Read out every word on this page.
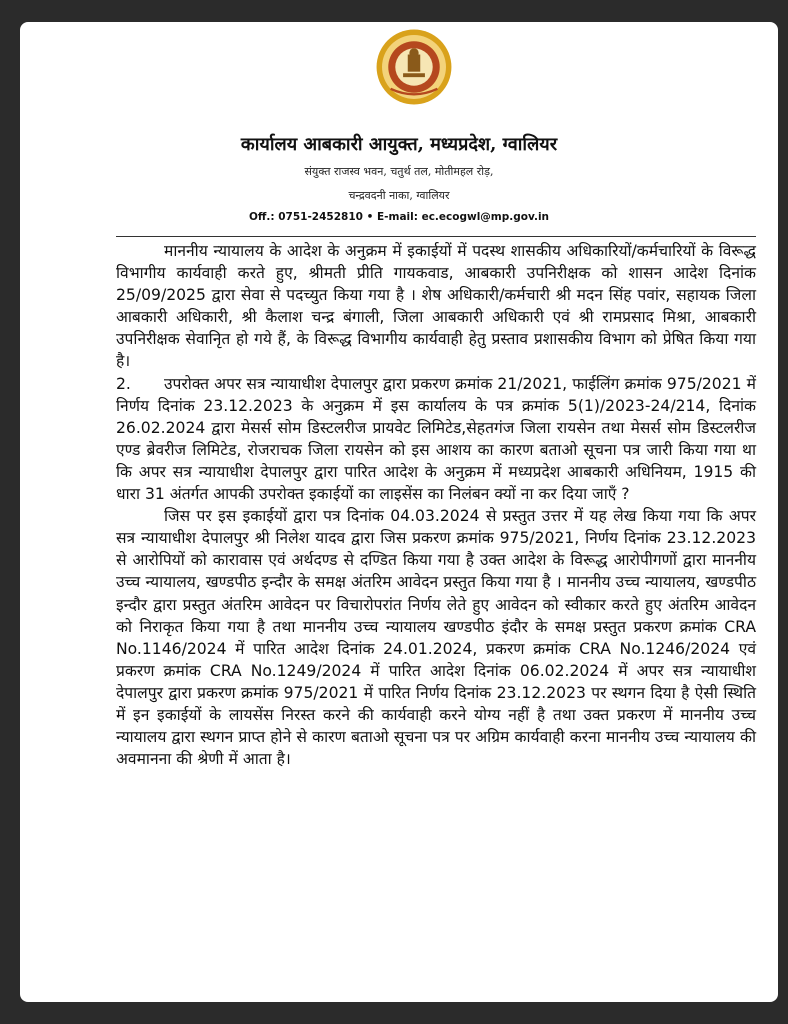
कार्यालय आबकारी आयुक्त, मध्यप्रदेश, ग्वालियर
संयुक्त राजस्व भवन, चतुर्थ तल, मोतीमहल रोड़,
चन्द्रवदनी नाका, ग्वालियर
Off.: 0751-2452810 • E-mail: ec.ecogwl@mp.gov.in

माननीय न्यायालय के आदेश के अनुक्रम में इकाईयों में पदस्थ शासकीय अधिकारियों/कर्मचारियों के विरूद्ध विभागीय कार्यवाही करते हुए, श्रीमती प्रीति गायकवाड, आबकारी उपनिरीक्षक को शासन आदेश दिनांक 25/09/2025 द्वारा सेवा से पदच्युत किया गया है । शेष अधिकारी/कर्मचारी श्री मदन सिंह पवांर, सहायक जिला आबकारी अधिकारी, श्री कैलाश चन्द्र बंगाली, जिला आबकारी अधिकारी एवं श्री रामप्रसाद मिश्रा, आबकारी उपनिरीक्षक सेवानिृत हो गये हैं, के विरूद्ध विभागीय कार्यवाही हेतु प्रस्ताव प्रशासकीय विभाग को प्रेषित किया गया है।

2. उपरोक्त अपर सत्र न्यायाधीश देपालपुर द्वारा प्रकरण क्रमांक 21/2021, फाईलिंग क्रमांक 975/2021 में निर्णय दिनांक 23.12.2023 के अनुक्रम में इस कार्यालय के पत्र क्रमांक 5(1)/2023-24/214, दिनांक 26.02.2024 द्वारा मेसर्स सोम डिस्टलरीज प्रायवेट लिमिटेड,सेहतगंज जिला रायसेन तथा मेसर्स सोम डिस्टलरीज एण्ड ब्रेवरीज लिमिटेड, रोजराचक जिला रायसेन को इस आशय का कारण बताओ सूचना पत्र जारी किया गया था कि अपर सत्र न्यायाधीश देपालपुर द्वारा पारित आदेश के अनुक्रम में मध्यप्रदेश आबकारी अधिनियम, 1915 की धारा 31 अंतर्गत आपकी उपरोक्त इकाईयों का लाइसेंस का निलंबन क्यों ना कर दिया जाएँ ?

जिस पर इस इकाईयों द्वारा पत्र दिनांक 04.03.2024 से प्रस्तुत उत्तर में यह लेख किया गया कि अपर सत्र न्यायाधीश देपालपुर श्री निलेश यादव द्वारा जिस प्रकरण क्रमांक 975/2021, निर्णय दिनांक 23.12.2023 से आरोपियों को कारावास एवं अर्थदण्ड से दण्डित किया गया है उक्त आदेश के विरूद्ध आरोपीगणों द्वारा माननीय उच्च न्यायालय, खण्डपीठ इन्दौर के समक्ष अंतरिम आवेदन प्रस्तुत किया गया है । माननीय उच्च न्यायालय, खण्डपीठ इन्दौर द्वारा प्रस्तुत अंतरिम आवेदन पर विचारोपरांत निर्णय लेते हुए आवेदन को स्वीकार करते हुए अंतरिम आवेदन को निराकृत किया गया है तथा माननीय उच्च न्यायालय खण्डपीठ इंदौर के समक्ष प्रस्तुत प्रकरण क्रमांक CRA No.1146/2024 में पारित आदेश दिनांक 24.01.2024, प्रकरण क्रमांक CRA No.1246/2024 एवं प्रकरण क्रमांक CRA No.1249/2024 में पारित आदेश दिनांक 06.02.2024 में अपर सत्र न्यायाधीश देपालपुर द्वारा प्रकरण क्रमांक 975/2021 में पारित निर्णय दिनांक 23.12.2023 पर स्थगन दिया है ऐसी स्थिति में इन इकाईयों के लायसेंस निरस्त करने की कार्यवाही करने योग्य नहीं है तथा उक्त प्रकरण में माननीय उच्च न्यायालय द्वारा स्थगन प्राप्त होने से कारण बताओ सूचना पत्र पर अग्रिम कार्यवाही करना माननीय उच्च न्यायालय की अवमानना की श्रेणी में आता है।
